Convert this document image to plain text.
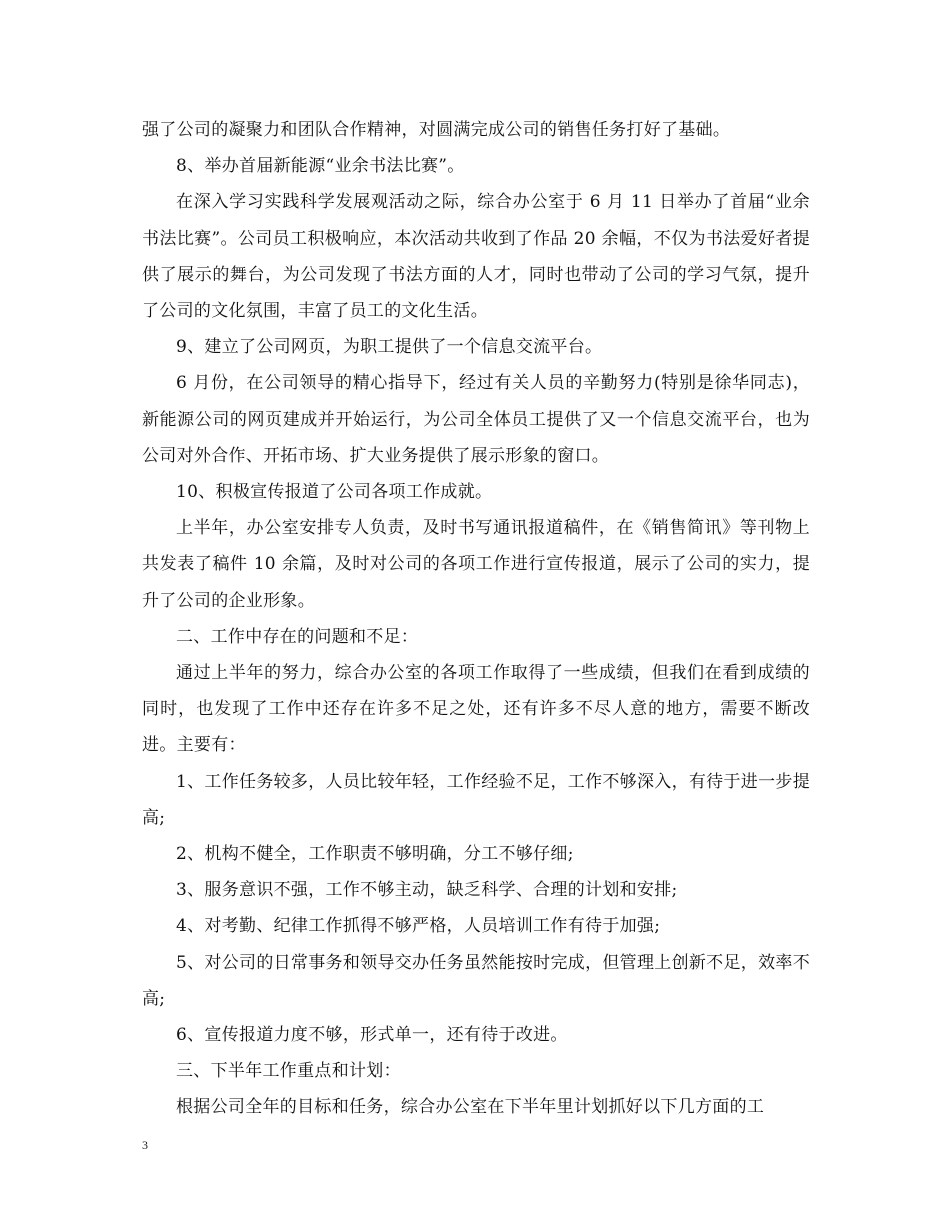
强了公司的凝聚力和团队合作精神，对圆满完成公司的销售任务打好了基础。

8、举办首届新能源“业余书法比赛”。

在深入学习实践科学发展观活动之际，综合办公室于 6 月 11 日举办了首届“业余书法比赛”。公司员工积极响应，本次活动共收到了作品 20 余幅，不仅为书法爱好者提供了展示的舞台，为公司发现了书法方面的人才，同时也带动了公司的学习气氛，提升了公司的文化氛围，丰富了员工的文化生活。

9、建立了公司网页，为职工提供了一个信息交流平台。

6 月份，在公司领导的精心指导下，经过有关人员的辛勤努力(特别是徐华同志)，新能源公司的网页建成并开始运行，为公司全体员工提供了又一个信息交流平台，也为公司对外合作、开拓市场、扩大业务提供了展示形象的窗口。

10、积极宣传报道了公司各项工作成就。

上半年，办公室安排专人负责，及时书写通讯报道稿件，在《销售简讯》等刊物上共发表了稿件 10 余篇，及时对公司的各项工作进行宣传报道，展示了公司的实力，提升了公司的企业形象。

二、工作中存在的问题和不足：

通过上半年的努力，综合办公室的各项工作取得了一些成绩，但我们在看到成绩的同时，也发现了工作中还存在许多不足之处，还有许多不尽人意的地方，需要不断改进。主要有：

1、工作任务较多，人员比较年轻，工作经验不足，工作不够深入，有待于进一步提高;

2、机构不健全，工作职责不够明确，分工不够仔细;

3、服务意识不强，工作不够主动，缺乏科学、合理的计划和安排;

4、对考勤、纪律工作抓得不够严格，人员培训工作有待于加强;

5、对公司的日常事务和领导交办任务虽然能按时完成，但管理上创新不足，效率不高;

6、宣传报道力度不够，形式单一，还有待于改进。

三、下半年工作重点和计划：

根据公司全年的目标和任务，综合办公室在下半年里计划抓好以下几方面的工

3
